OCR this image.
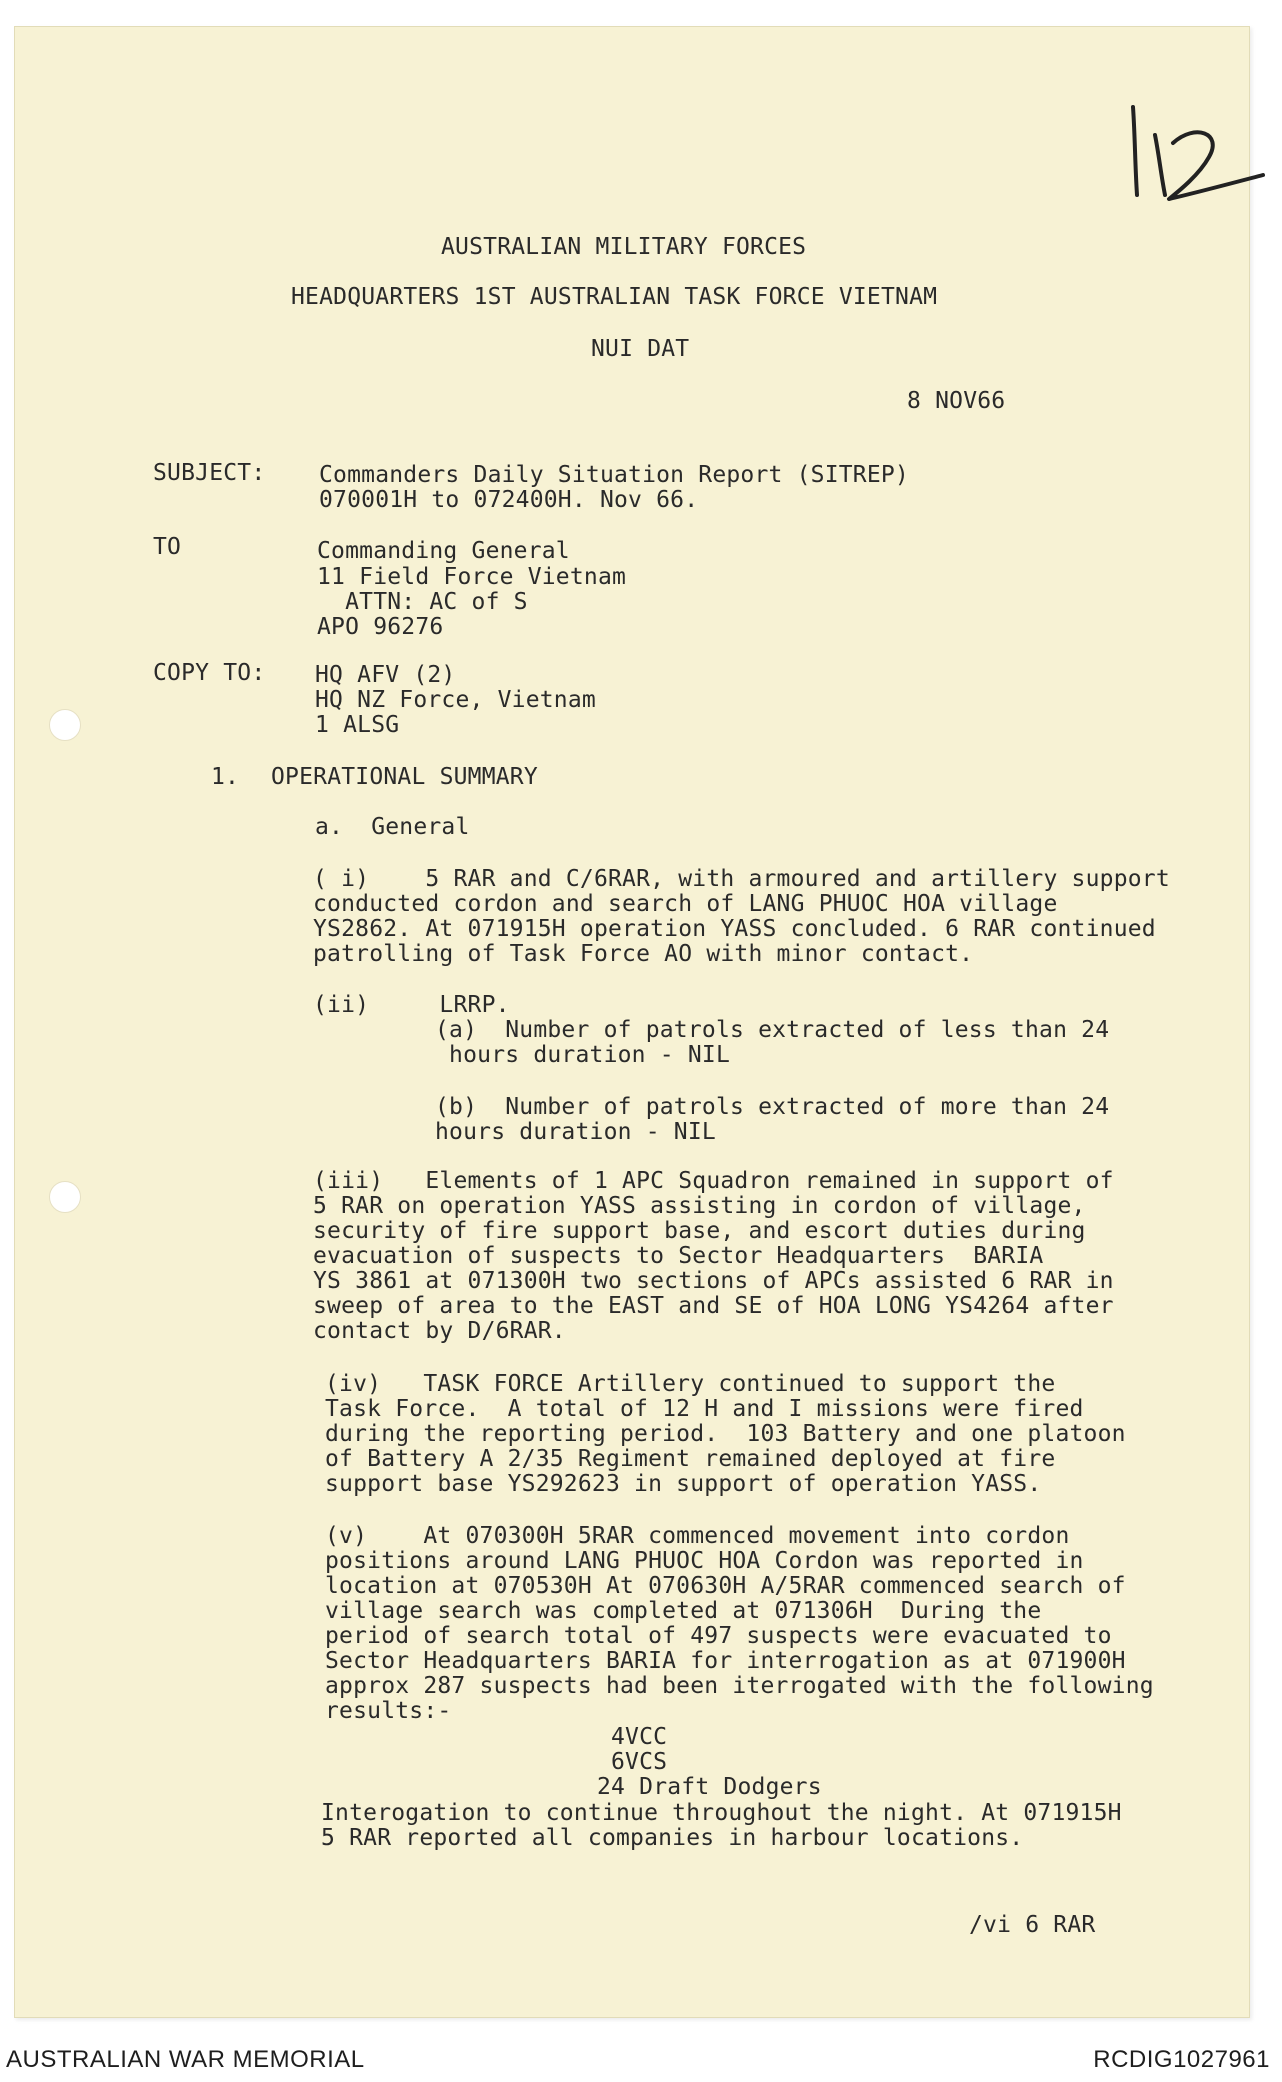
AUSTRALIAN MILITARY FORCES
HEADQUARTERS 1ST AUSTRALIAN TASK FORCE VIETNAM
NUI DAT
8 NOV66
SUBJECT: Commanders Daily Situation Report (SITREP)
070001H to 072400H. Nov 66.
TO	Commanding General
11 Field Force Vietnam
ATTN: AC of S
APO 96276
COPY TO: HQ AFV (2)
HQ NZ Force, Vietnam
1 ALSG
1. OPERATIONAL SUMMARY
a.  General
( i)    5 RAR and C/6RAR, with armoured and artillery support
conducted cordon and search of LANG PHUOC HOA village
YS2862. At 071915H operation YASS concluded. 6 RAR continued
patrolling of Task Force AO with minor contact.
(ii)     LRRP.
(a)  Number of patrols extracted of less than 24
hours duration - NIL
(b)  Number of patrols extracted of more than 24
hours duration - NIL
(iii)   Elements of 1 APC Squadron remained in support of
5 RAR on operation YASS assisting in cordon of village,
security of fire support base, and escort duties during
evacuation of suspects to Sector Headquarters  BARIA
YS 3861 at 071300H two sections of APCs assisted 6 RAR in
sweep of area to the EAST and SE of HOA LONG YS4264 after
contact by D/6RAR.
(iv)   TASK FORCE Artillery continued to support the
Task Force.  A total of 12 H and I missions were fired
during the reporting period.  103 Battery and one platoon
of Battery A 2/35 Regiment remained deployed at fire
support base YS292623 in support of operation YASS.
(v)    At 070300H 5RAR commenced movement into cordon
positions around LANG PHUOC HOA Cordon was reported in
location at 070530H At 070630H A/5RAR commenced search of
village search was completed at 071306H  During the
period of search total of 497 suspects were evacuated to
Sector Headquarters BARIA for interrogation as at 071900H
approx 287 suspects had been iterrogated with the following
results:-
4VCC
6VCS
24 Draft Dodgers
Interogation to continue throughout the night. At 071915H
5 RAR reported all companies in harbour locations.
/vi 6 RAR
AUSTRALIAN WAR MEMORIAL	RCDIG1027961
